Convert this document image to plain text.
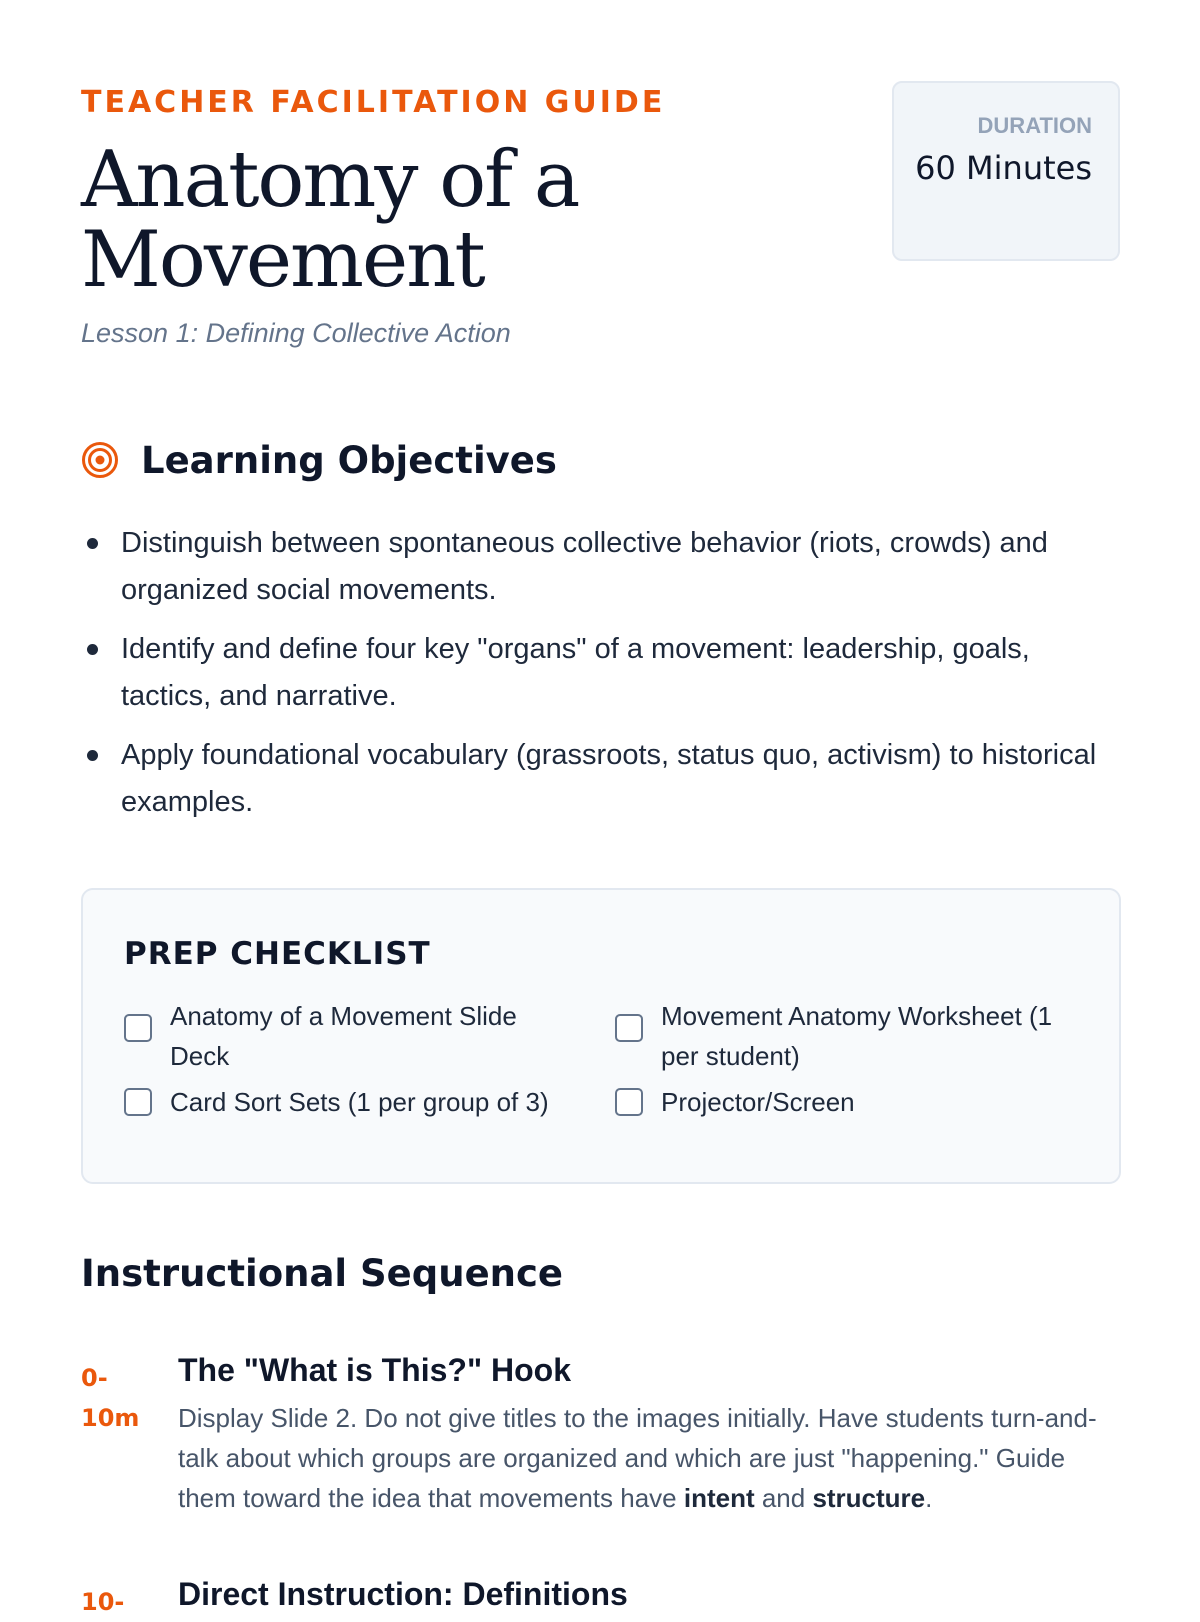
TEACHER FACILITATION GUIDE
Anatomy of a Movement
Lesson 1: Defining Collective Action
DURATION
60 Minutes
Learning Objectives
Distinguish between spontaneous collective behavior (riots, crowds) and organized social movements.
Identify and define four key "organs" of a movement: leadership, goals, tactics, and narrative.
Apply foundational vocabulary (grassroots, status quo, activism) to historical examples.
PREP CHECKLIST
Anatomy of a Movement Slide Deck
Movement Anatomy Worksheet (1 per student)
Card Sort Sets (1 per group of 3)	Projector/Screen
Instructional Sequence
0-10m
The "What is This?" Hook
Display Slide 2. Do not give titles to the images initially. Have students turn-and-talk about which groups are organized and which are just "happening." Guide them toward the idea that movements have intent and structure.
10-	Direct Instruction: Definitions
